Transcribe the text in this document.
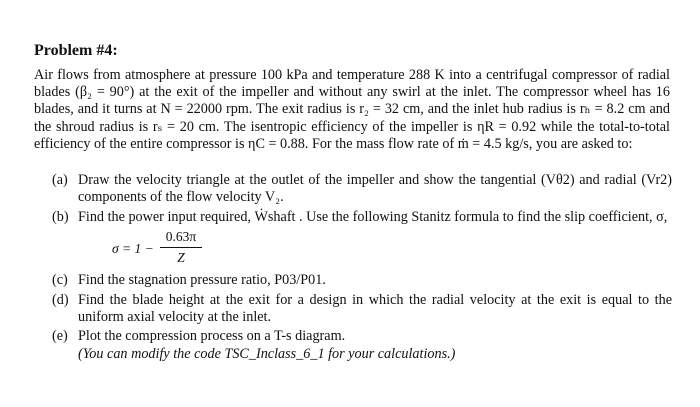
Problem #4:

Air flows from atmosphere at pressure 100 kPa and temperature 288 K into a centrifugal compressor of radial blades (β₂ = 90°) at the exit of the impeller and without any swirl at the inlet. The compressor wheel has 16 blades, and it turns at N = 22000 rpm. The exit radius is r₂ = 32 cm, and the inlet hub radius is rₕ = 8.2 cm and the shroud radius is rₛ = 20 cm. The isentropic efficiency of the impeller is ηR = 0.92 while the total-to-total efficiency of the entire compressor is ηC = 0.88. For the mass flow rate of ṁ = 4.5 kg/s, you are asked to:

(a) Draw the velocity triangle at the outlet of the impeller and show the tangential (Vθ2) and radial (Vr2) components of the flow velocity V₂.
(b) Find the power input required, Ẇshaft . Use the following Stanitz formula to find the slip coefficient, σ,
$\sigma = 1 - \frac{0.63\pi}{Z}$
(c) Find the stagnation pressure ratio, P03/P01.
(d) Find the blade height at the exit for a design in which the radial velocity at the exit is equal to the uniform axial velocity at the inlet.
(e) Plot the compression process on a T-s diagram.
(You can modify the code TSC_Inclass_6_1 for your calculations.)
